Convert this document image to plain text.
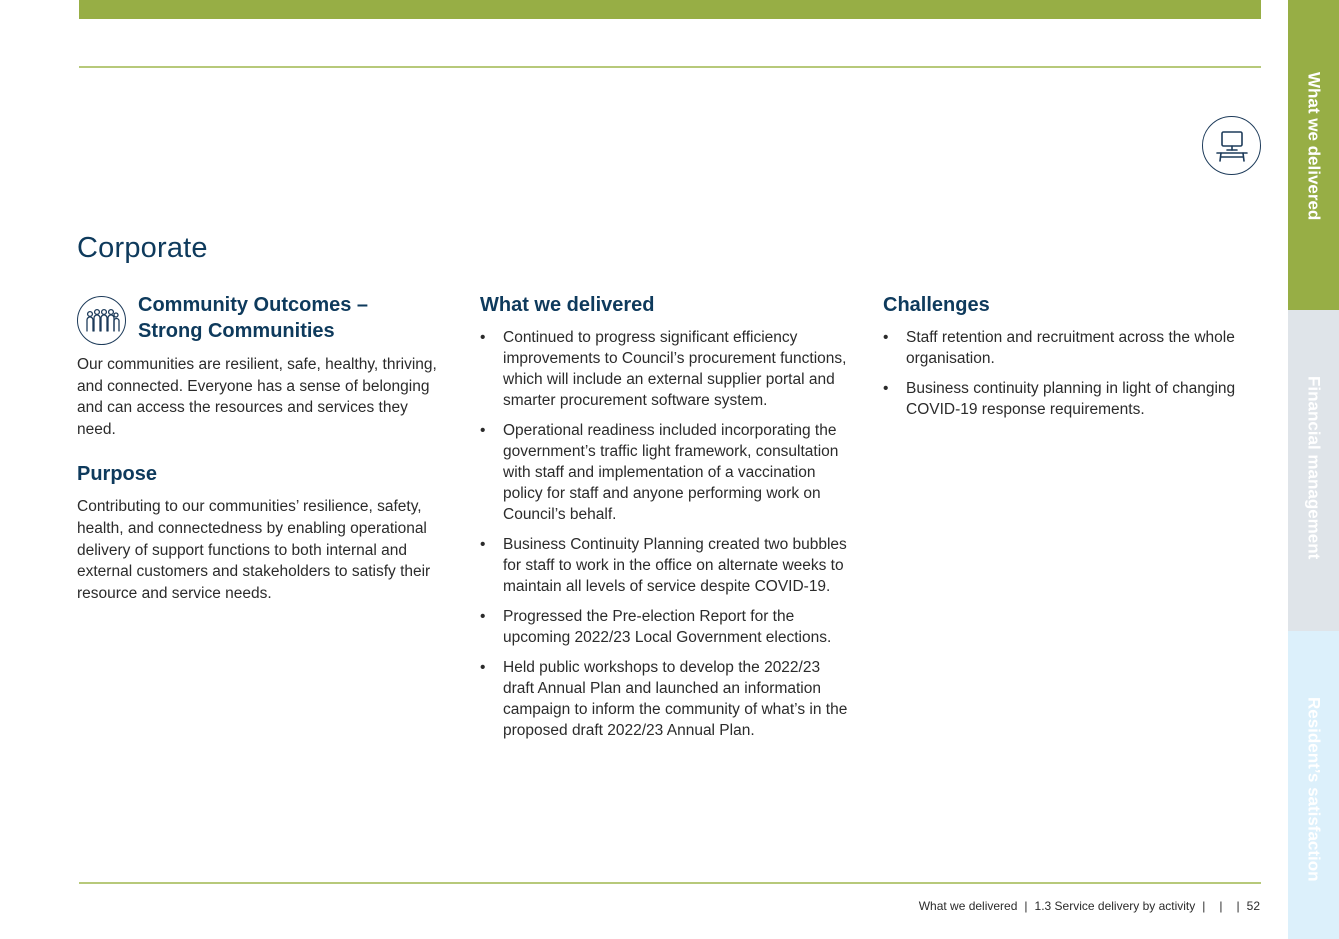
Corporate
Community Outcomes –
Strong Communities

Our communities are resilient, safe, healthy, thriving, and connected. Everyone has a sense of belonging and can access the resources and services they need.

Purpose

Contributing to our communities’ resilience, safety, health, and connectedness by enabling operational delivery of support functions to both internal and external customers and stakeholders to satisfy their resource and service needs.

What we delivered
• Continued to progress significant efficiency improvements to Council’s procurement functions, which will include an external supplier portal and smarter procurement software system.
• Operational readiness included incorporating the government’s traffic light framework, consultation with staff and implementation of a vaccination policy for staff and anyone performing work on Council’s behalf.
• Business Continuity Planning created two bubbles for staff to work in the office on alternate weeks to maintain all levels of service despite COVID-19.
• Progressed the Pre-election Report for the upcoming 2022/23 Local Government elections.
• Held public workshops to develop the 2022/23 draft Annual Plan and launched an information campaign to inform the community of what’s in the proposed draft 2022/23 Annual Plan.
Challenges
• Staff retention and recruitment across the whole organisation.
• Business continuity planning in light of changing COVID-19 response requirements.
What we delivered
Financial management
Resident’s satisfaction
What we delivered | 1.3 Service delivery by activity | | | 52
